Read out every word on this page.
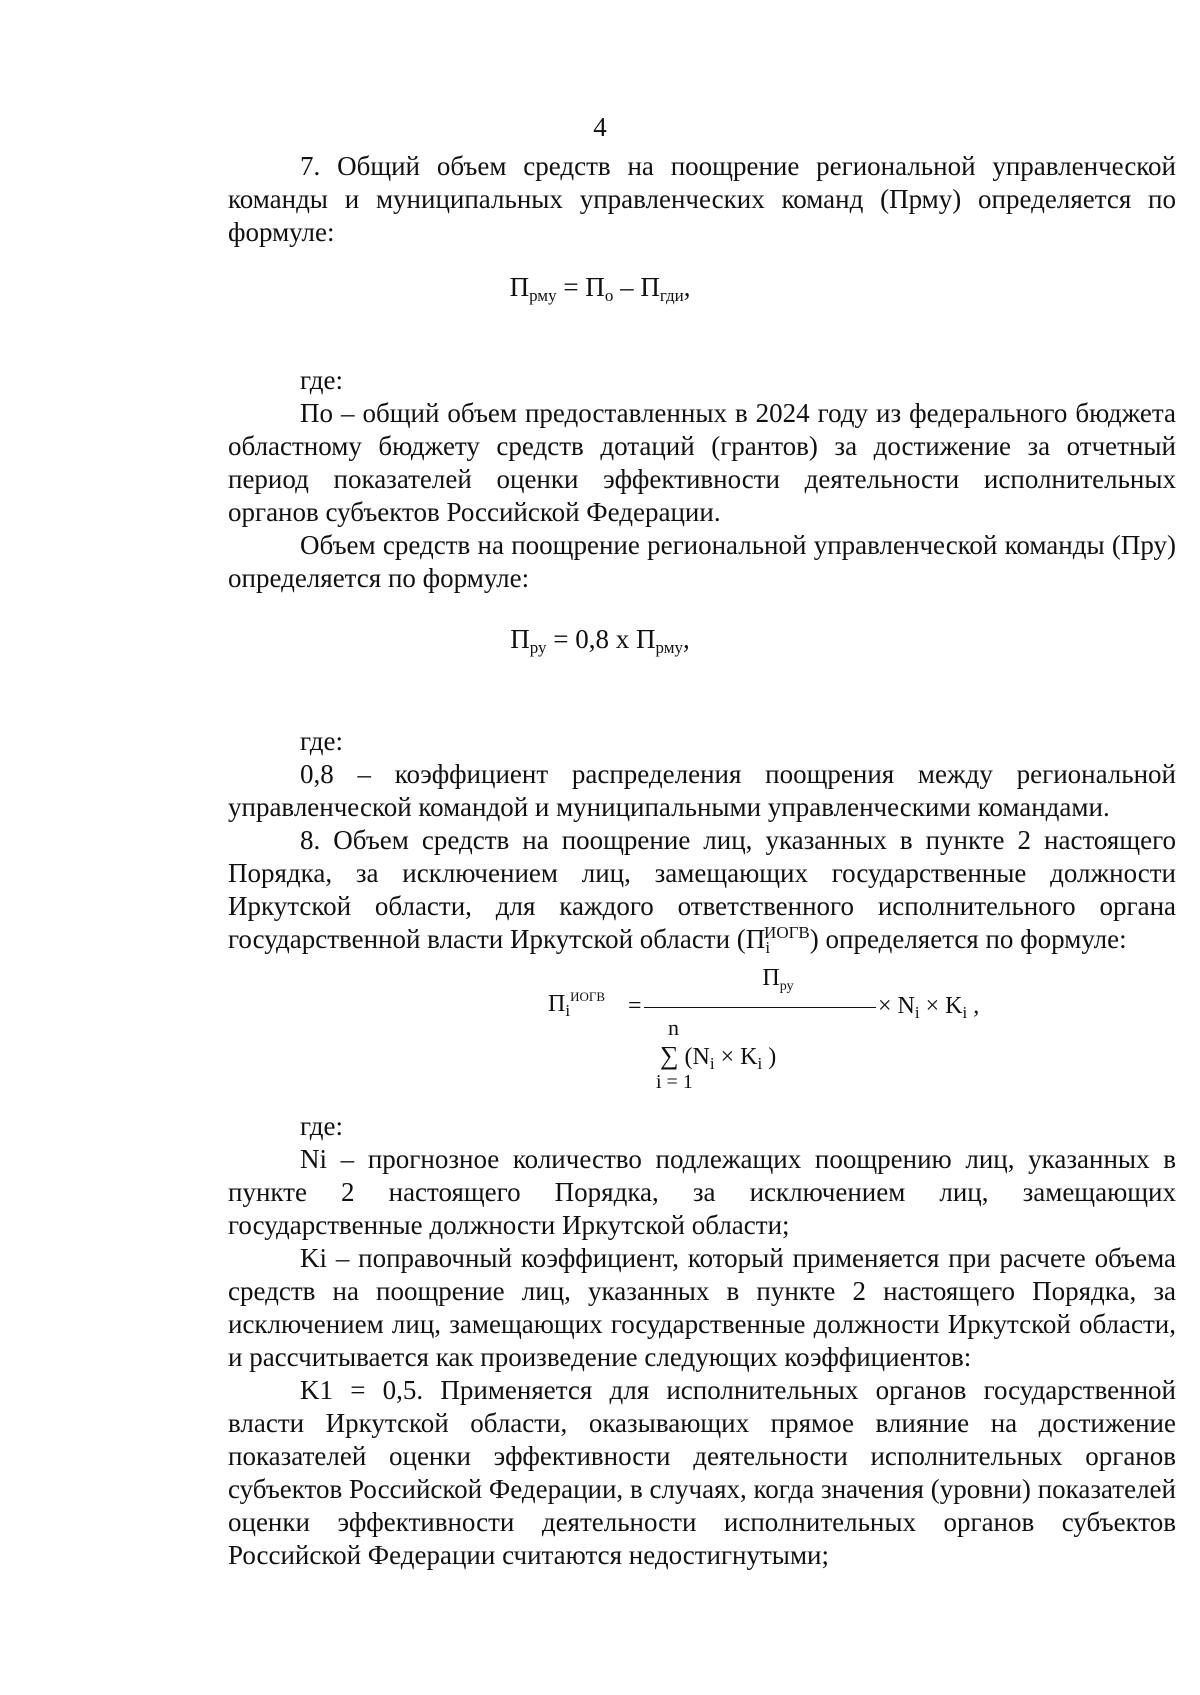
4

7. Общий объем средств на поощрение региональной управленческой команды и муниципальных управленческих команд (Прму) определяется по формуле:

$П_{рму} = П_о - П_{гди}$,

где:

По – общий объем предоставленных в 2024 году из федерального бюджета областному бюджету средств дотаций (грантов) за достижение за отчетный период показателей оценки эффективности деятельности исполнительных органов субъектов Российской Федерации.

Объем средств на поощрение региональной управленческой команды (Пру) определяется по формуле:

$П_{ру} = 0,8$ х $П_{рму}$,

где:

0,8 – коэффициент распределения поощрения между региональной управленческой командой и муниципальными управленческими командами.

8. Объем средств на поощрение лиц, указанных в пункте 2 настоящего Порядка, за исключением лиц, замещающих государственные должности Иркутской области, для каждого ответственного исполнительного органа государственной власти Иркутской области $(П_i^{ИОГВ})$ определяется по формуле:

$П_i^{ИОГВ}$ =
$П_{ру}$
× $N_i \times K_i$ ,
n
∑ ($N_i \times K_i$ )
i = 1

где:

Ni – прогнозное количество подлежащих поощрению лиц, указанных в пункте 2 настоящего Порядка, за исключением лиц, замещающих государственные должности Иркутской области;

Ki – поправочный коэффициент, который применяется при расчете объема средств на поощрение лиц, указанных в пункте 2 настоящего Порядка, за исключением лиц, замещающих государственные должности Иркутской области, и рассчитывается как произведение следующих коэффициентов:

K1 = 0,5. Применяется для исполнительных органов государственной власти Иркутской области, оказывающих прямое влияние на достижение показателей оценки эффективности деятельности исполнительных органов субъектов Российской Федерации, в случаях, когда значения (уровни) показателей оценки эффективности деятельности исполнительных органов субъектов Российской Федерации считаются недостигнутыми;
